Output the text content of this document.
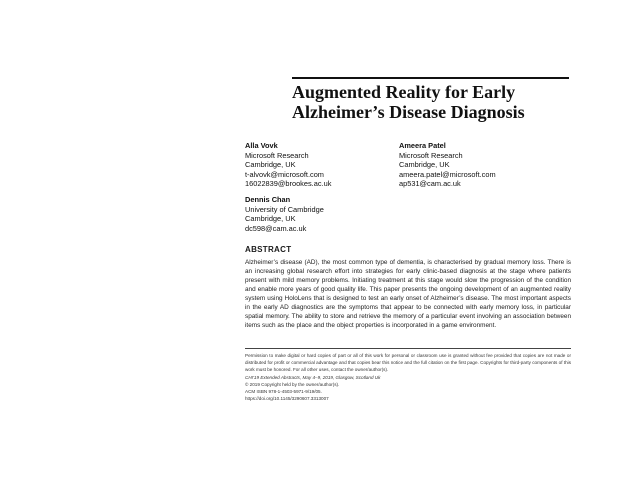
Augmented Reality for Early
Alzheimer’s Disease Diagnosis
Alla Vovk
Microsoft Research
Cambridge, UK
t-alvovk@microsoft.com
16022839@brookes.ac.uk
Ameera Patel
Microsoft Research
Cambridge, UK
ameera.patel@microsoft.com
ap531@cam.ac.uk
Dennis Chan
University of Cambridge
Cambridge, UK
dc598@cam.ac.uk
ABSTRACT
Alzheimer’s disease (AD), the most common type of dementia, is characterised by gradual memory loss. There is an increasing global research effort into strategies for early clinic-based diagnosis at the stage where patients present with mild memory problems. Initiating treatment at this stage would slow the progression of the condition and enable more years of good quality life. This paper presents the ongoing development of an augmented reality system using HoloLens that is designed to test an early onset of Alzheimer’s disease. The most important aspects in the early AD diagnostics are the symptoms that appear to be connected with early memory loss, in particular spatial memory. The ability to store and retrieve the memory of a particular event involving an association between items such as the place and the object properties is incorporated in a game environment.
Permission to make digital or hard copies of part or all of this work for personal or classroom use is granted without fee provided that copies are not made or distributed for profit or commercial advantage and that copies bear this notice and the full citation on the first page. Copyrights for third-party components of this work must be honored. For all other uses, contact the owner/author(s).
CHI’19 Extended Abstracts, May 4–9, 2019, Glasgow, Scotland Uk
© 2019 Copyright held by the owner/author(s).
ACM ISBN 978-1-4503-5971-9/19/05.
https://doi.org/10.1145/3290607.3313007
